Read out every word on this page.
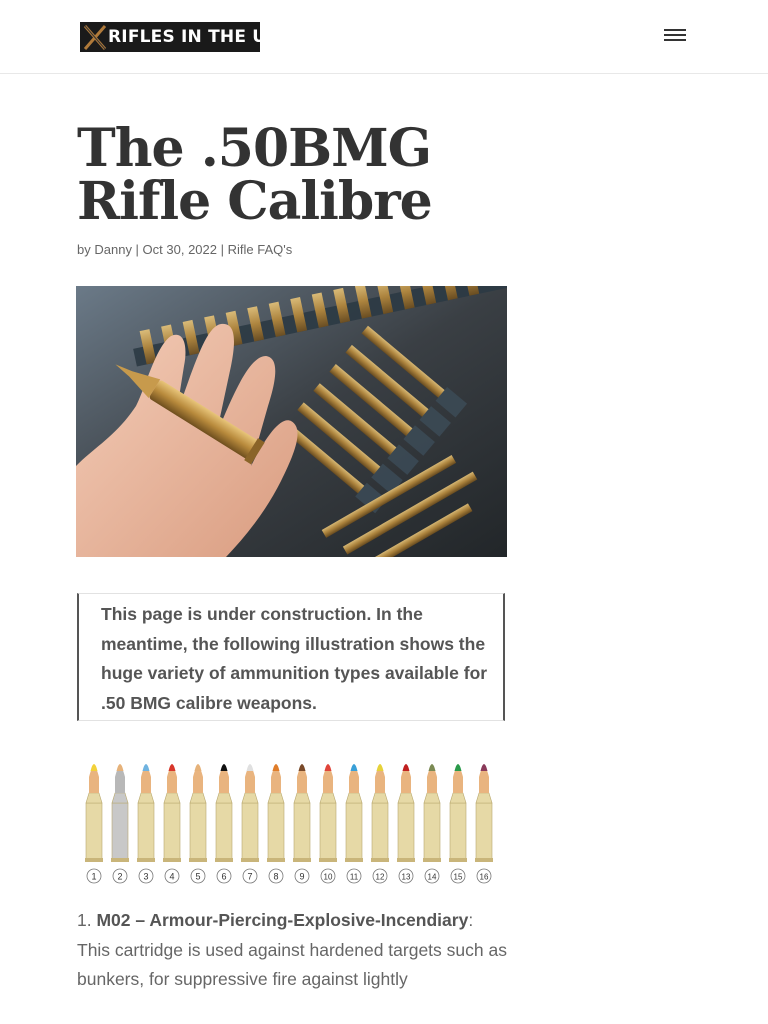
RIFLES IN THE UK
The .50BMG
Rifle Calibre
by Danny | Oct 30, 2022 | Rifle FAQ's

This page is under construction. In the meantime, the following illustration shows the huge variety of ammunition types available for .50 BMG calibre weapons.

1 2 3 4 5 6 7 8 9 10 11 12 13 14 15 16

1. M02 – Armour-Piercing-Explosive-Incendiary:
This cartridge is used against hardened targets such as bunkers, for suppressive fire against lightly
